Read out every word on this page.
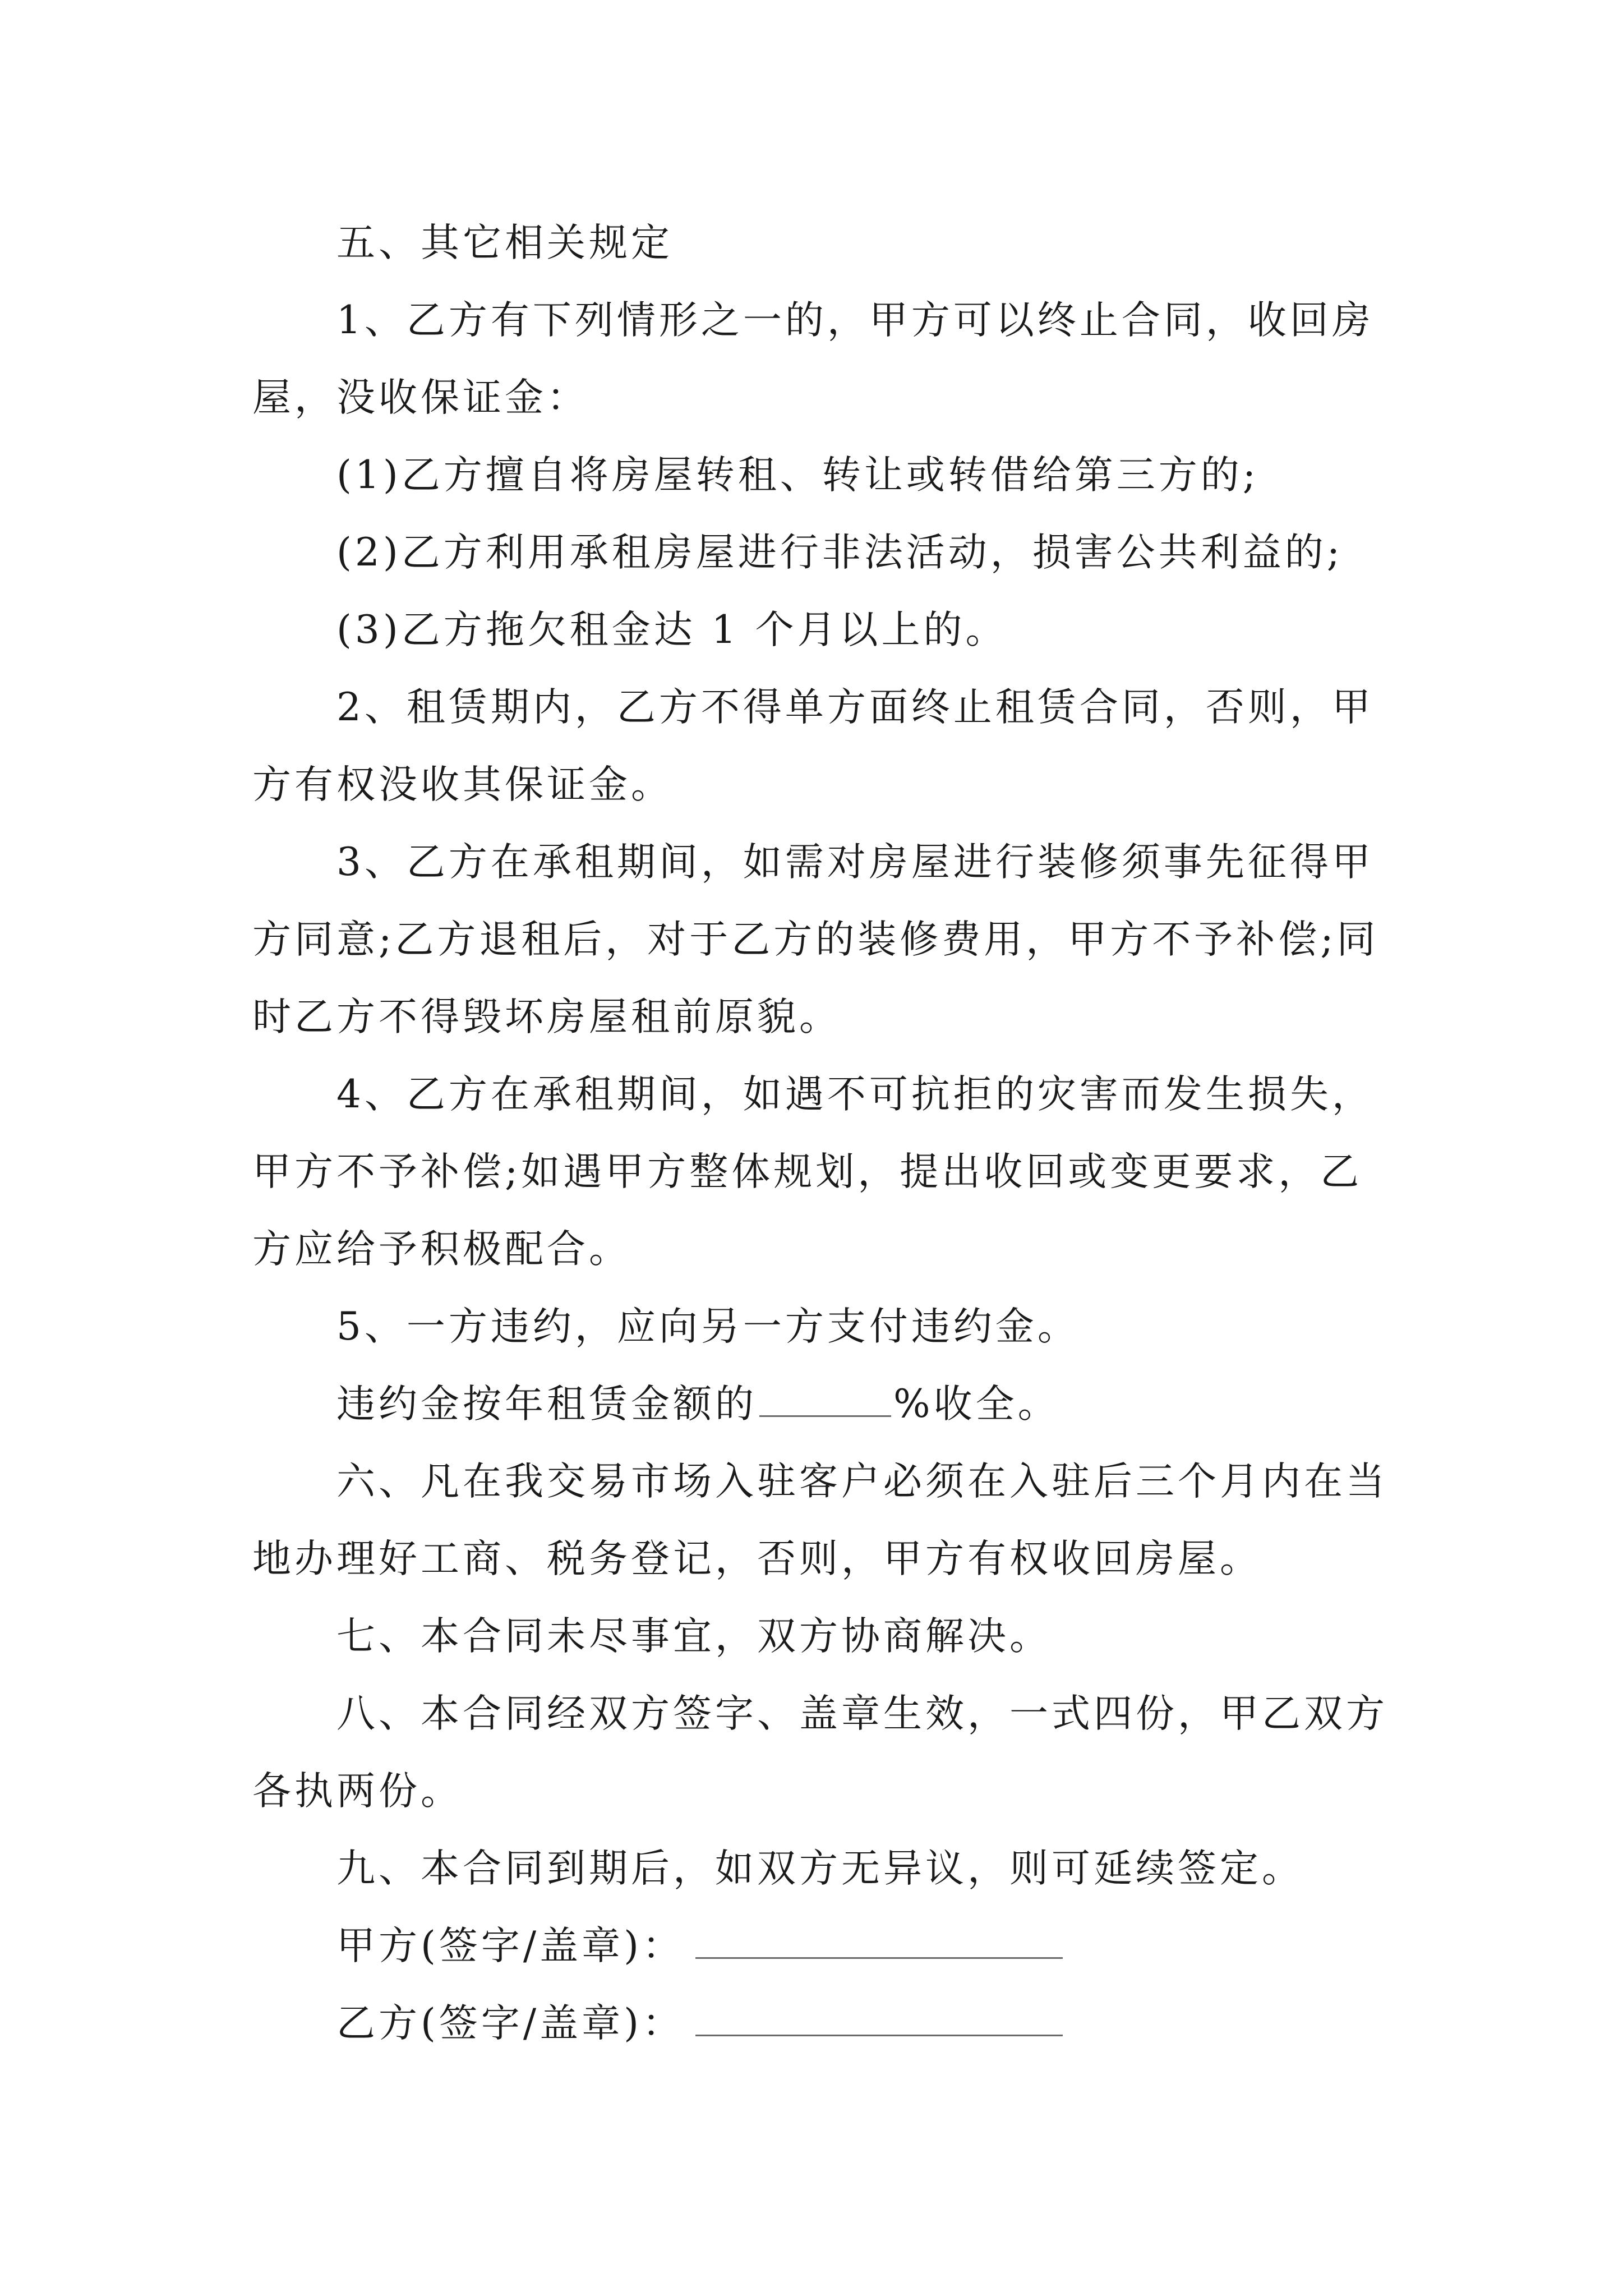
五、其它相关规定

1、乙方有下列情形之一的，甲方可以终止合同，收回房屋，没收保证金：

(1)乙方擅自将房屋转租、转让或转借给第三方的;

(2)乙方利用承租房屋进行非法活动，损害公共利益的;

(3)乙方拖欠租金达 1 个月以上的。

2、租赁期内，乙方不得单方面终止租赁合同，否则，甲方有权没收其保证金。

3、乙方在承租期间，如需对房屋进行装修须事先征得甲方同意;乙方退租后，对于乙方的装修费用，甲方不予补偿;同时乙方不得毁坏房屋租前原貌。

4、乙方在承租期间，如遇不可抗拒的灾害而发生损失，甲方不予补偿;如遇甲方整体规划，提出收回或变更要求，乙方应给予积极配合。

5、一方违约，应向另一方支付违约金。

违约金按年租赁金额的	%收全。

六、凡在我交易市场入驻客户必须在入驻后三个月内在当地办理好工商、税务登记，否则，甲方有权收回房屋。

七、本合同未尽事宜，双方协商解决。

八、本合同经双方签字、盖章生效，一式四份，甲乙双方各执两份。

九、本合同到期后，如双方无异议，则可延续签定。

甲方(签字/盖章)：

乙方(签字/盖章)：
